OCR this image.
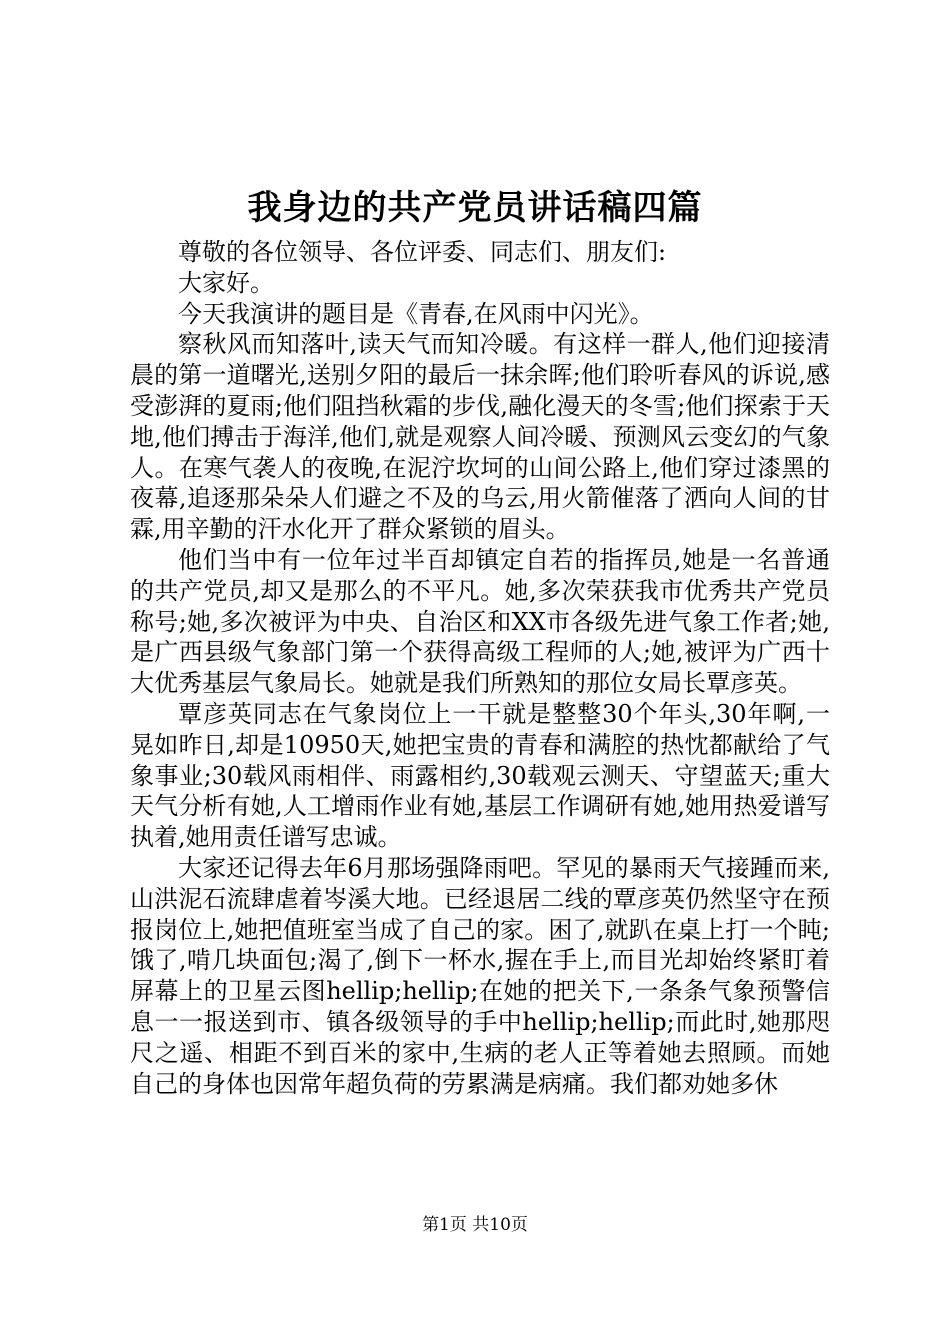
我身边的共产党员讲话稿四篇

尊敬的各位领导、各位评委、同志们、朋友们:

大家好。

今天我演讲的题目是《青春,在风雨中闪光》。

察秋风而知落叶,读天气而知冷暖。有这样一群人,他们迎接清晨的第一道曙光,送别夕阳的最后一抹余晖;他们聆听春风的诉说,感受澎湃的夏雨;他们阻挡秋霜的步伐,融化漫天的冬雪;他们探索于天地,他们搏击于海洋,他们,就是观察人间冷暖、预测风云变幻的气象人。在寒气袭人的夜晚,在泥泞坎坷的山间公路上,他们穿过漆黑的夜幕,追逐那朵朵人们避之不及的乌云,用火箭催落了洒向人间的甘霖,用辛勤的汗水化开了群众紧锁的眉头。

他们当中有一位年过半百却镇定自若的指挥员,她是一名普通的共产党员,却又是那么的不平凡。她,多次荣获我市优秀共产党员称号;她,多次被评为中央、自治区和XX市各级先进气象工作者;她,是广西县级气象部门第一个获得高级工程师的人;她,被评为广西十大优秀基层气象局长。她就是我们所熟知的那位女局长覃彦英。

覃彦英同志在气象岗位上一干就是整整30个年头,30年啊,一晃如昨日,却是10950天,她把宝贵的青春和满腔的热忱都献给了气象事业;30载风雨相伴、雨露相约,30载观云测天、守望蓝天;重大天气分析有她,人工增雨作业有她,基层工作调研有她,她用热爱谱写执着,她用责任谱写忠诚。

大家还记得去年6月那场强降雨吧。罕见的暴雨天气接踵而来,山洪泥石流肆虐着岑溪大地。已经退居二线的覃彦英仍然坚守在预报岗位上,她把值班室当成了自己的家。困了,就趴在桌上打一个盹;饿了,啃几块面包;渴了,倒下一杯水,握在手上,而目光却始终紧盯着屏幕上的卫星云图hellip;hellip;在她的把关下,一条条气象预警信息一一报送到市、镇各级领导的手中hellip;hellip;而此时,她那咫尺之遥、相距不到百米的家中,生病的老人正等着她去照顾。而她自己的身体也因常年超负荷的劳累满是病痛。我们都劝她多休

第1页 共10页
